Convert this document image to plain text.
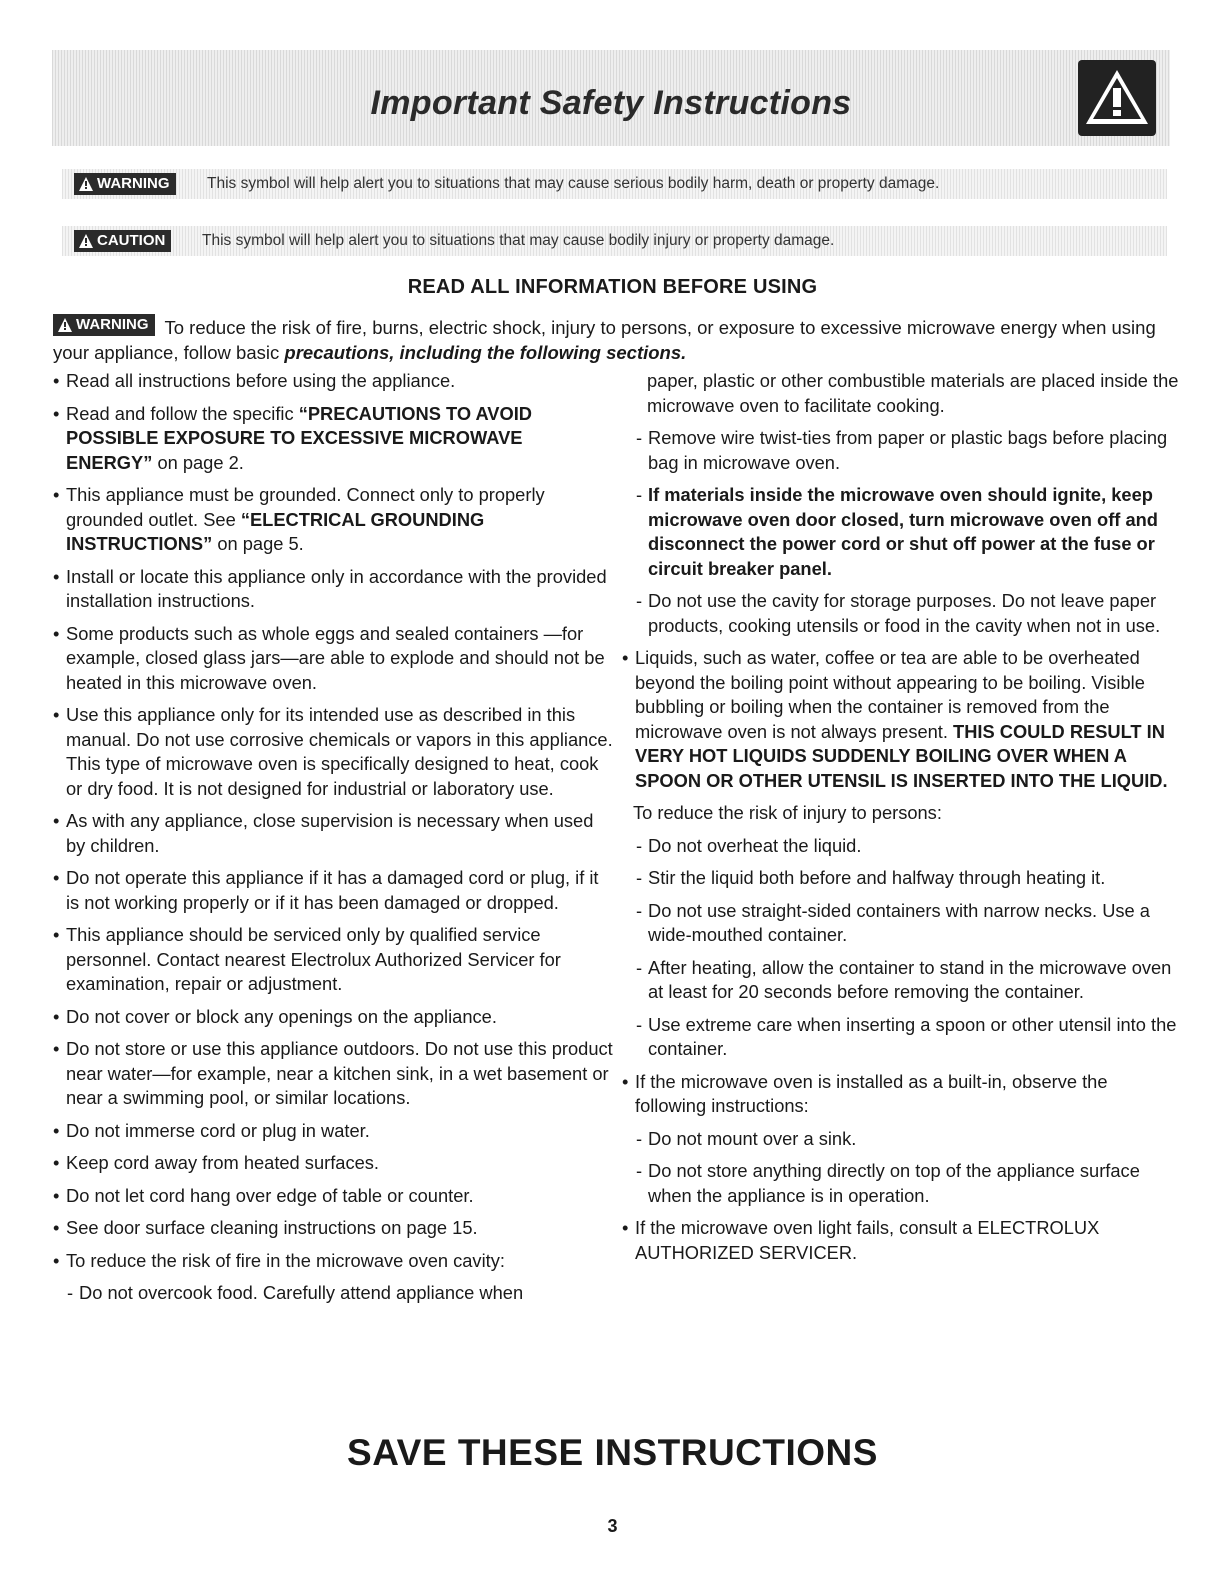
Important Safety Instructions
WARNING This symbol will help alert you to situations that may cause serious bodily harm, death or property damage.
CAUTION This symbol will help alert you to situations that may cause bodily injury or property damage.
READ ALL INFORMATION BEFORE USING
WARNING To reduce the risk of fire, burns, electric shock, injury to persons, or exposure to excessive microwave energy when using your appliance, follow basic precautions, including the following sections.
• Read all instructions before using the appliance.
• Read and follow the specific “PRECAUTIONS TO AVOID POSSIBLE EXPOSURE TO EXCESSIVE MICROWAVE ENERGY” on page 2.
• This appliance must be grounded. Connect only to properly grounded outlet. See “ELECTRICAL GROUNDING INSTRUCTIONS” on page 5.
• Install or locate this appliance only in accordance with the provided installation instructions.
• Some products such as whole eggs and sealed containers —for example, closed glass jars—are able to explode and should not be heated in this microwave oven.
• Use this appliance only for its intended use as described in this manual. Do not use corrosive chemicals or vapors in this appliance. This type of microwave oven is specifically designed to heat, cook or dry food. It is not designed for industrial or laboratory use.
• As with any appliance, close supervision is necessary when used by children.
• Do not operate this appliance if it has a damaged cord or plug, if it is not working properly or if it has been damaged or dropped.
• This appliance should be serviced only by qualified service personnel. Contact nearest Electrolux Authorized Servicer for examination, repair or adjustment.
• Do not cover or block any openings on the appliance.
• Do not store or use this appliance outdoors. Do not use this product near water—for example, near a kitchen sink, in a wet basement or near a swimming pool, or similar locations.
• Do not immerse cord or plug in water.
• Keep cord away from heated surfaces.
• Do not let cord hang over edge of table or counter.
• See door surface cleaning instructions on page 15.
• To reduce the risk of fire in the microwave oven cavity:
- Do not overcook food. Carefully attend appliance when
paper, plastic or other combustible materials are placed inside the microwave oven to facilitate cooking.
- Remove wire twist-ties from paper or plastic bags before placing bag in microwave oven.
- If materials inside the microwave oven should ignite, keep microwave oven door closed, turn microwave oven off and disconnect the power cord or shut off power at the fuse or circuit breaker panel.
- Do not use the cavity for storage purposes. Do not leave paper products, cooking utensils or food in the cavity when not in use.
• Liquids, such as water, coffee or tea are able to be overheated beyond the boiling point without appearing to be boiling. Visible bubbling or boiling when the container is removed from the microwave oven is not always present. THIS COULD RESULT IN VERY HOT LIQUIDS SUDDENLY BOILING OVER WHEN A SPOON OR OTHER UTENSIL IS INSERTED INTO THE LIQUID.
To reduce the risk of injury to persons:
- Do not overheat the liquid.
- Stir the liquid both before and halfway through heating it.
- Do not use straight-sided containers with narrow necks. Use a wide-mouthed container.
- After heating, allow the container to stand in the microwave oven at least for 20 seconds before removing the container.
- Use extreme care when inserting a spoon or other utensil into the container.
• If the microwave oven is installed as a built-in, observe the following instructions:
- Do not mount over a sink.
- Do not store anything directly on top of the appliance surface when the appliance is in operation.
• If the microwave oven light fails, consult a ELECTROLUX AUTHORIZED SERVICER.
SAVE THESE INSTRUCTIONS
3
